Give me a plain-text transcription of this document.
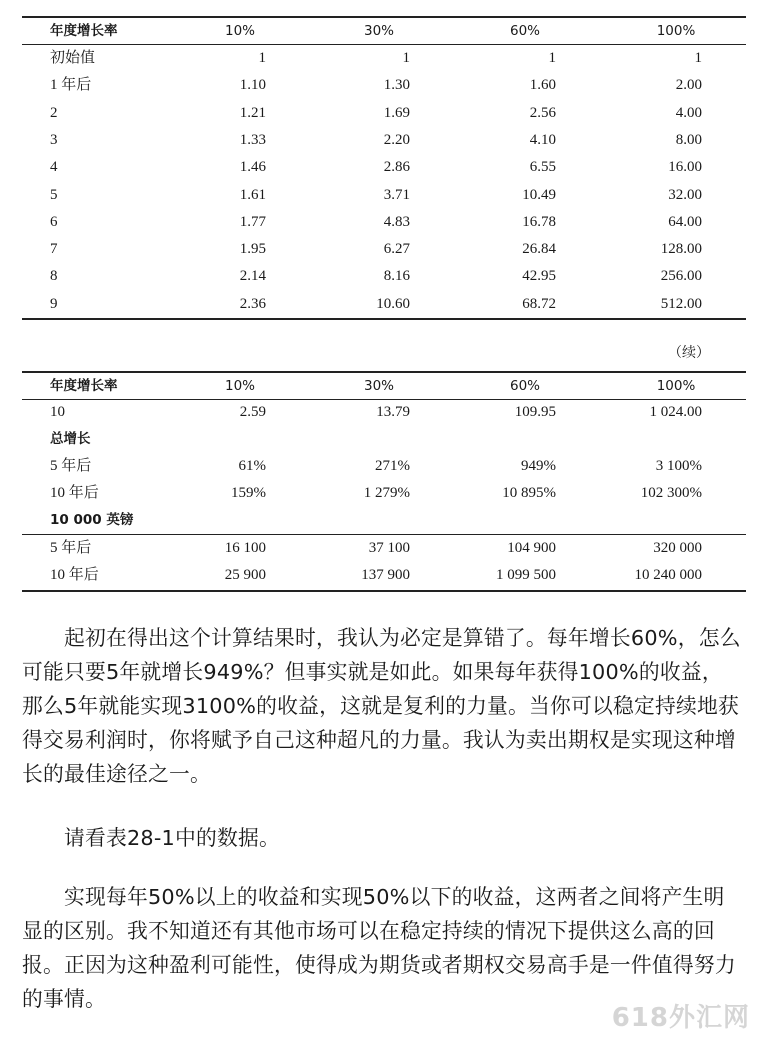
年度增长率	10%	30%	60%	100%
初始值	1	1	1	1
1 年后	1.10	1.30	1.60	2.00
2	1.21	1.69	2.56	4.00
3	1.33	2.20	4.10	8.00
4	1.46	2.86	6.55	16.00
5	1.61	3.71	10.49	32.00
6	1.77	4.83	16.78	64.00
7	1.95	6.27	26.84	128.00
8	2.14	8.16	42.95	256.00
9	2.36	10.60	68.72	512.00
（续）
年度增长率	10%	30%	60%	100%
10	2.59	13.79	109.95	1 024.00
总增长
5 年后	61%	271%	949%	3 100%
10 年后	159%	1 279%	10 895%	102 300%
10 000 英镑
5 年后	16 100	37 100	104 900	320 000
10 年后	25 900	137 900	1 099 500	10 240 000
　　起初在得出这个计算结果时，我认为必定是算错了。每年增长60%，怎么可能只要5年就增长949%？但事实就是如此。如果每年获得100%的收益，那么5年就能实现3100%的收益，这就是复利的力量。当你可以稳定持续地获得交易利润时，你将赋予自己这种超凡的力量。我认为卖出期权是实现这种增长的最佳途径之一。
　　请看表28-1中的数据。
　　实现每年50%以上的收益和实现50%以下的收益，这两者之间将产生明显的区别。我不知道还有其他市场可以在稳定持续的情况下提供这么高的回报。正因为这种盈利可能性，使得成为期货或者期权交易高手是一件值得努力的事情。
618外汇网
